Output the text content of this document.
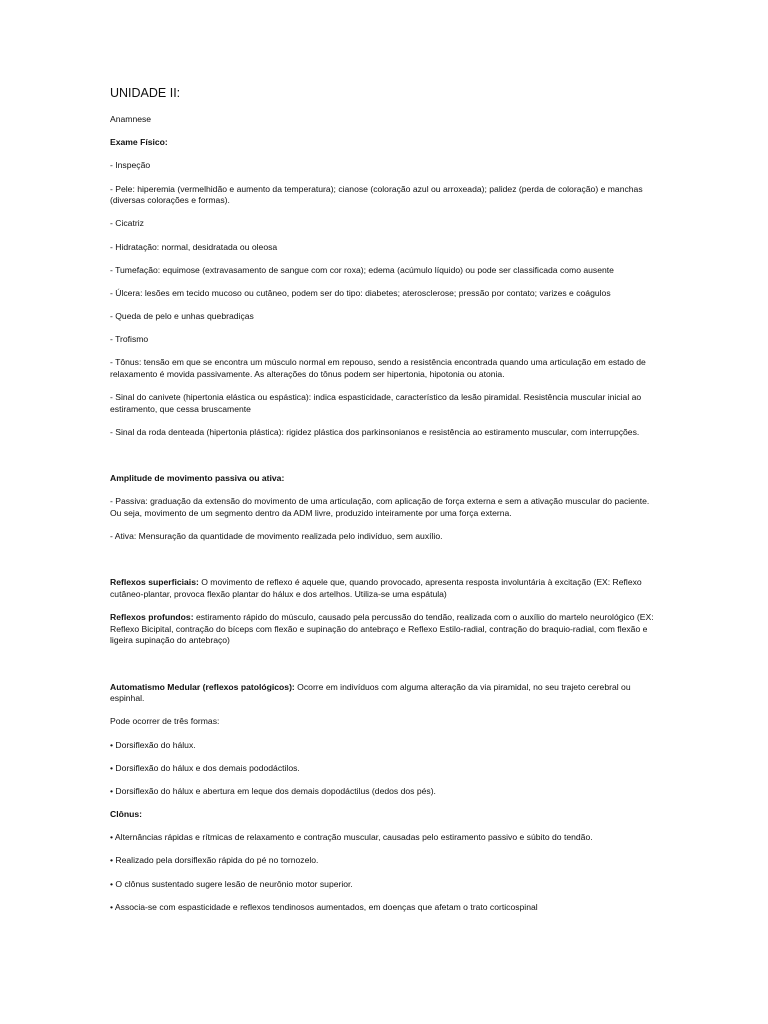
UNIDADE II:
Anamnese
Exame Físico:
- Inspeção
- Pele: hiperemia (vermelhidão e aumento da temperatura); cianose (coloração azul ou arroxeada); palidez (perda de coloração) e manchas (diversas colorações e formas).
- Cicatriz
- Hidratação: normal, desidratada ou oleosa
- Tumefação: equimose (extravasamento de sangue com cor roxa); edema (acúmulo líquido) ou pode ser classificada como ausente
- Úlcera: lesões em tecido mucoso ou cutâneo, podem ser do tipo: diabetes; aterosclerose; pressão por contato; varizes e coágulos
- Queda de pelo e unhas quebradiças
- Trofismo
- Tônus: tensão em que se encontra um músculo normal em repouso, sendo a resistência encontrada quando uma articulação em estado de relaxamento é movida passivamente. As alterações do tônus podem ser hipertonia, hipotonia ou atonia.
- Sinal do canivete (hipertonia elástica ou espástica): indica espasticidade, característico da lesão piramidal. Resistência muscular inicial ao estiramento, que cessa bruscamente
- Sinal da roda denteada (hipertonia plástica): rigidez plástica dos parkinsonianos e resistência ao estiramento muscular, com interrupções.
Amplitude de movimento passiva ou ativa:
- Passiva: graduação da extensão do movimento de uma articulação, com aplicação de força externa e sem a ativação muscular do paciente. Ou seja, movimento de um segmento dentro da ADM livre, produzido inteiramente por uma força externa.
- Ativa: Mensuração da quantidade de movimento realizada pelo indivíduo, sem auxílio.
Reflexos superficiais: O movimento de reflexo é aquele que, quando provocado, apresenta resposta involuntária à excitação (EX: Reflexo cutâneo-plantar, provoca flexão plantar do hálux e dos artelhos. Utiliza-se uma espátula)
Reflexos profundos: estiramento rápido do músculo, causado pela percussão do tendão, realizada com o auxílio do martelo neurológico (EX: Reflexo Bicipital, contração do bíceps com flexão e supinação do antebraço e Reflexo Estilo-radial, contração do braquio-radial, com flexão e ligeira supinação do antebraço)
Automatismo Medular (reflexos patológicos): Ocorre em indivíduos com alguma alteração da via piramidal, no seu trajeto cerebral ou espinhal.
Pode ocorrer de três formas:
• Dorsiflexão do hálux.
• Dorsiflexão do hálux e dos demais pododáctilos.
• Dorsiflexão do hálux e abertura em leque dos demais dopodáctilus (dedos dos pés).
Clônus:
• Alternâncias rápidas e rítmicas de relaxamento e contração muscular, causadas pelo estiramento passivo e súbito do tendão.
• Realizado pela dorsiflexão rápida do pé no tornozelo.
• O clônus sustentado sugere lesão de neurônio motor superior.
• Associa-se com espasticidade e reflexos tendinosos aumentados, em doenças que afetam o trato corticospinal
